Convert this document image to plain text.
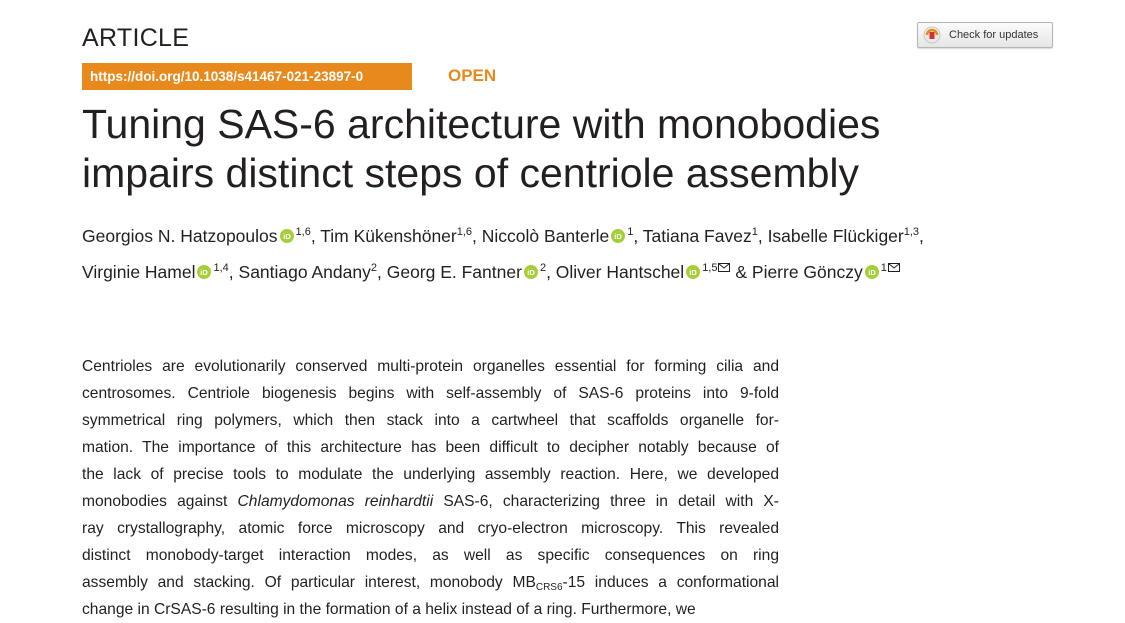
ARTICLE
https://doi.org/10.1038/s41467-021-23897-0	OPEN
Check for updates
Tuning SAS-6 architecture with monobodies
impairs distinct steps of centriole assembly
Georgios N. Hatzopoulos iD $^{1,6}$, Tim Kükenshöner$^{1,6}$, Niccolò Banterle iD $^1$, Tatiana Favez$^1$, Isabelle Flückiger$^{1,3}$,
Virginie Hamel iD $^{1,4}$, Santiago Andany$^2$, Georg E. Fantner iD $^2$, Oliver Hantschel iD $^{1,5}$ & Pierre Gönczy iD $^1$
Centrioles are evolutionarily conserved multi-protein organelles essential for forming cilia and
centrosomes. Centriole biogenesis begins with self-assembly of SAS-6 proteins into 9-fold
symmetrical ring polymers, which then stack into a cartwheel that scaffolds organelle for-
mation. The importance of this architecture has been difficult to decipher notably because of
the lack of precise tools to modulate the underlying assembly reaction. Here, we developed
monobodies against Chlamydomonas reinhardtii SAS-6, characterizing three in detail with X-
ray crystallography, atomic force microscopy and cryo-electron microscopy. This revealed
distinct monobody-target interaction modes, as well as specific consequences on ring
assembly and stacking. Of particular interest, monobody $MB_{CRS6}-15$ induces a conformational
change in CrSAS-6 resulting in the formation of a helix instead of a ring. Furthermore, we
